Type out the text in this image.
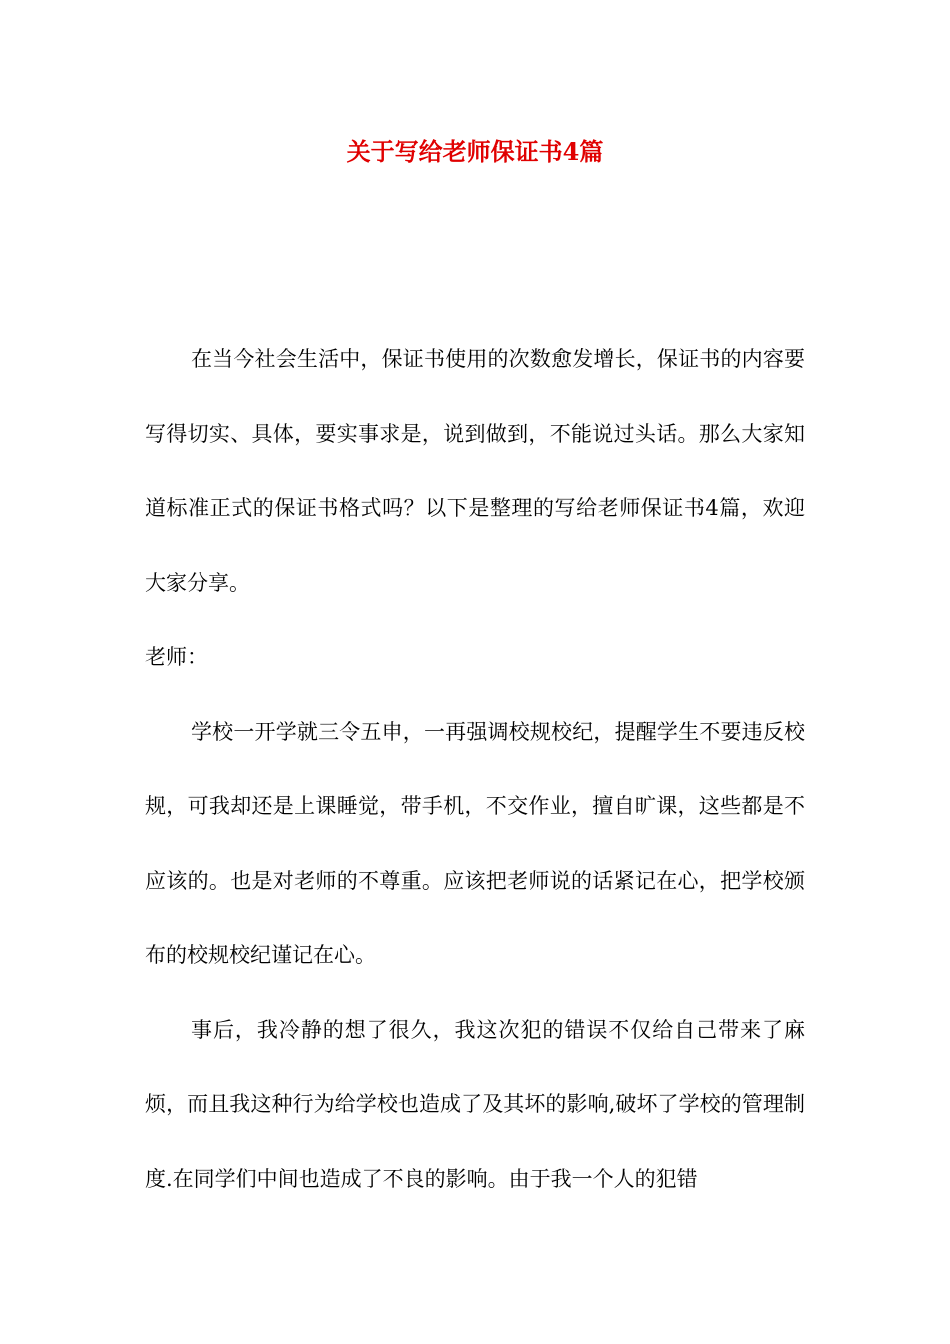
关于写给老师保证书4篇

在当今社会生活中，保证书使用的次数愈发增长，保证书的内容要写得切实、具体，要实事求是，说到做到，不能说过头话。那么大家知道标准正式的保证书格式吗？以下是整理的写给老师保证书4篇，欢迎大家分享。

老师：

学校一开学就三令五申，一再强调校规校纪，提醒学生不要违反校规，可我却还是上课睡觉，带手机，不交作业，擅自旷课，这些都是不应该的。也是对老师的不尊重。应该把老师说的话紧记在心，把学校颁布的校规校纪谨记在心。

事后，我冷静的想了很久，我这次犯的错误不仅给自己带来了麻烦，而且我这种行为给学校也造成了及其坏的影响,破坏了学校的管理制度.在同学们中间也造成了不良的影响。由于我一个人的犯错
